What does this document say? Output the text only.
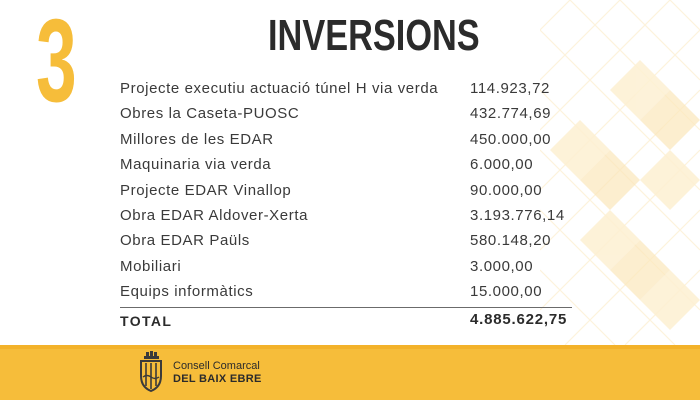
3	INVERSIONS
Projecte executiu actuació túnel H via verda 114.923,72
Obres la Caseta-PUOSC	432.774,69
Millores de les EDAR	450.000,00
Maquinaria via verda	6.000,00
Projecte EDAR Vinallop	90.000,00
Obra EDAR Aldover-Xerta	3.193.776,14
Obra EDAR Paüls	580.148,20
Mobiliari	3.000,00
Equips informàtics	15.000,00
TOTAL	4.885.622,75
Consell Comarcal
DEL BAIX EBRE
